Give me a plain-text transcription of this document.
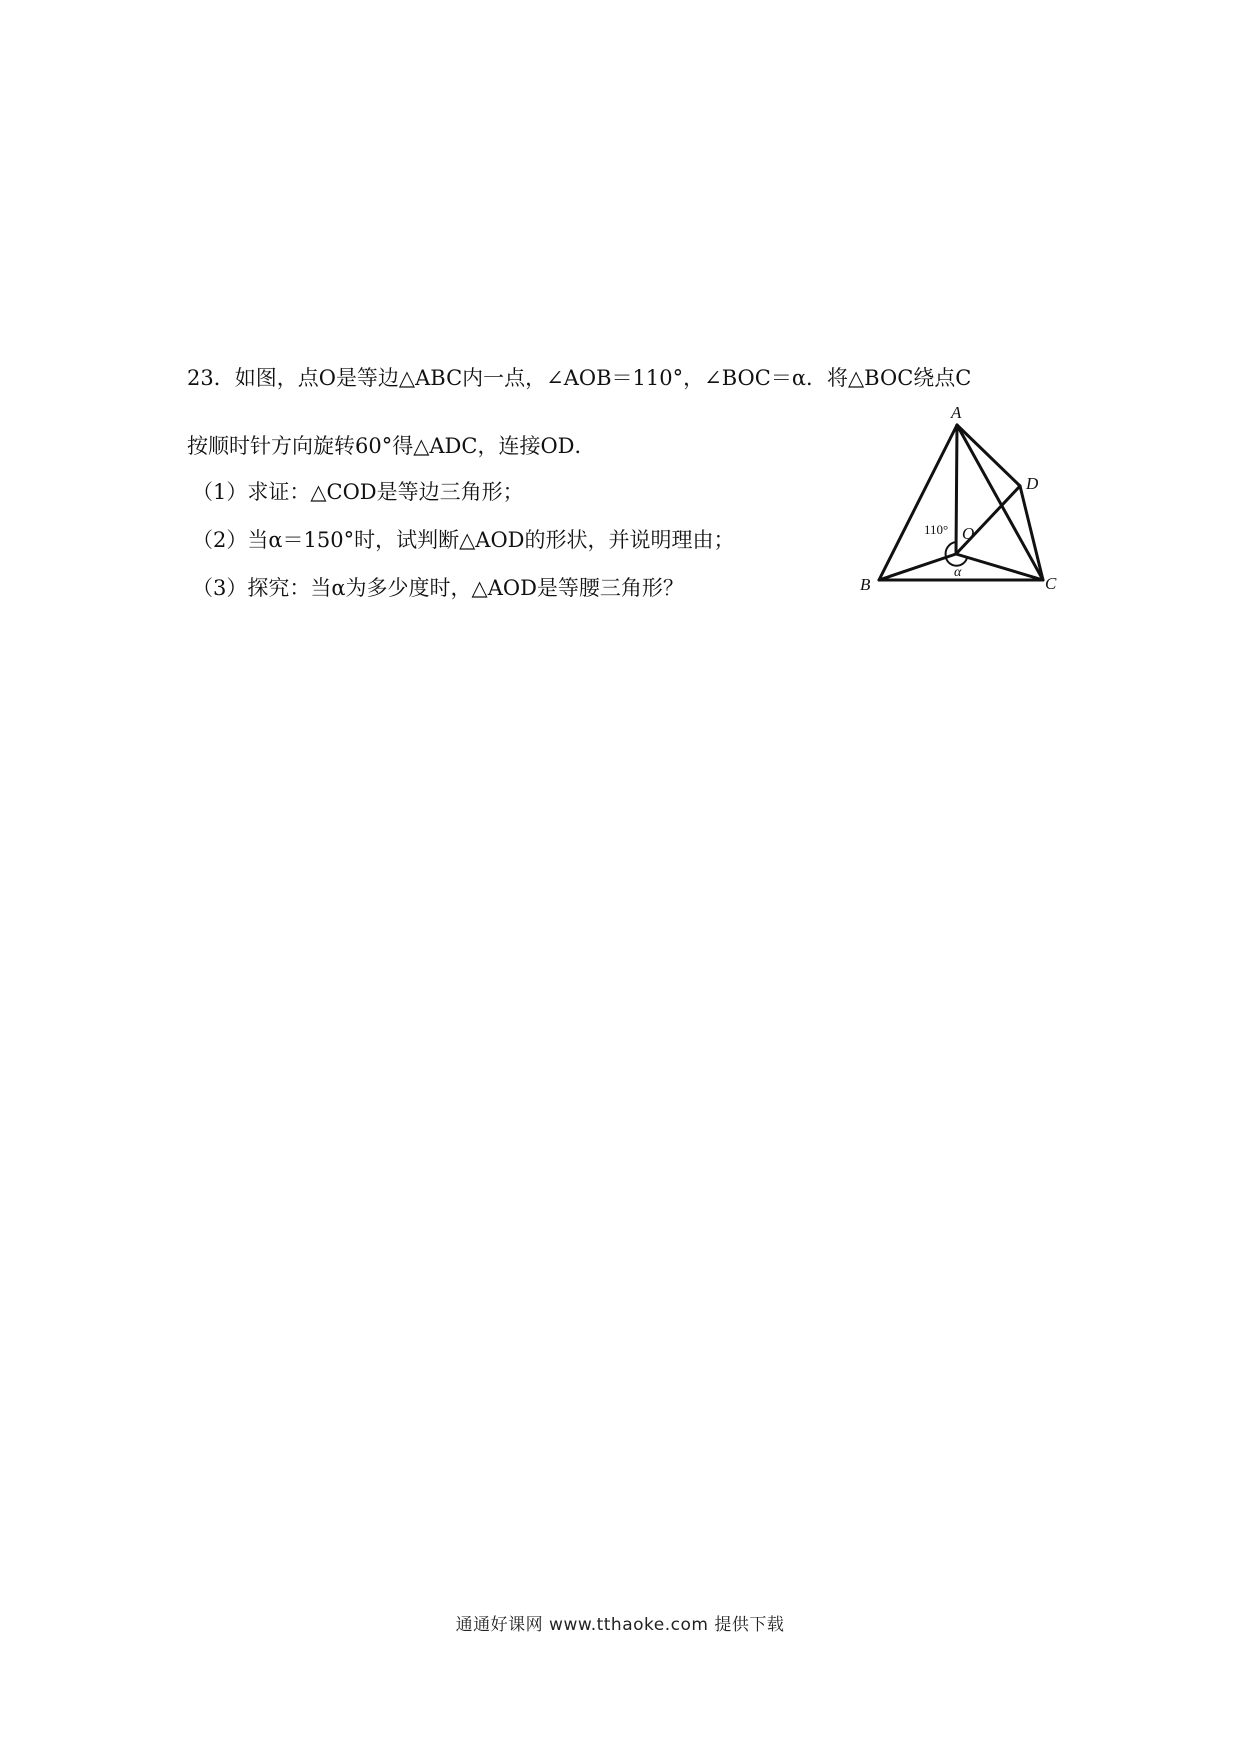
23．如图，点O是等边△ABC内一点，∠AOB＝110°，∠BOC＝α．将△BOC绕点C
按顺时针方向旋转60°得△ADC，连接OD．
（1）求证：△COD是等边三角形；
（2）当α＝150°时，试判断△AOD的形状，并说明理由；
（3）探究：当α为多少度时，△AOD是等腰三角形？
A
B	C
D
O
110°
α
通通好课网 www.tthaoke.com 提供下载
